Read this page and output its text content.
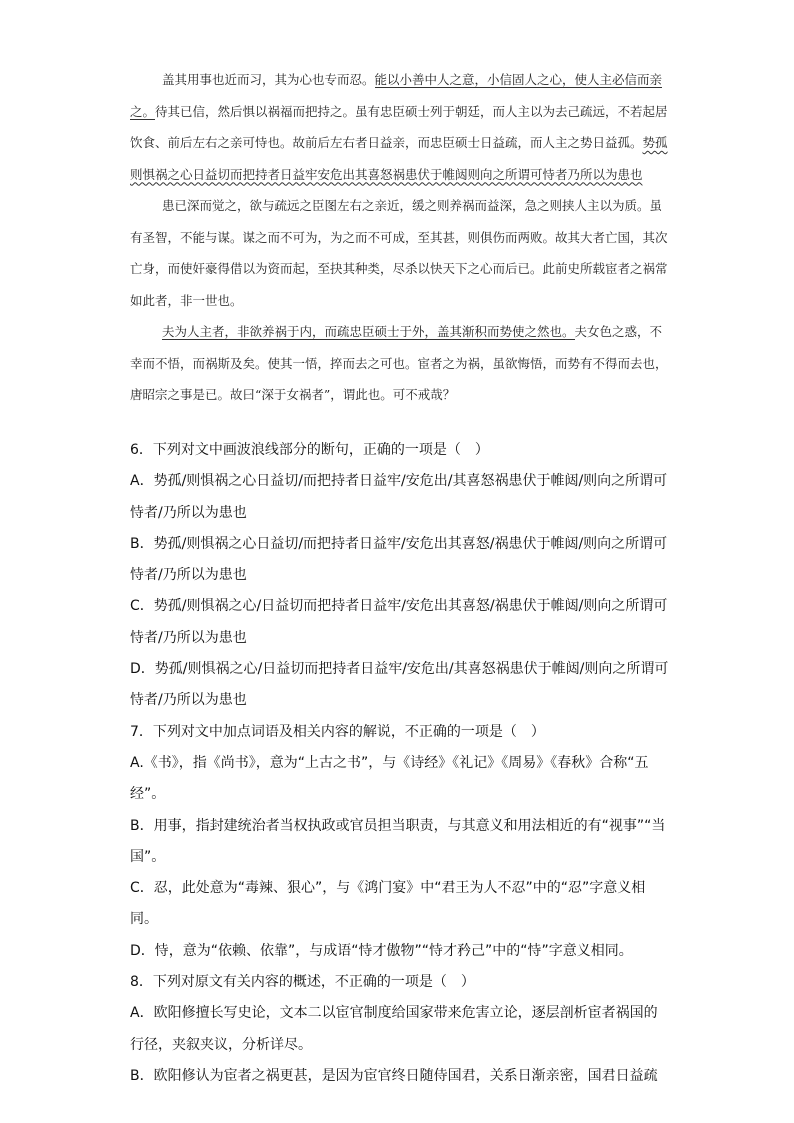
盖其用事也近而习，其为心也专而忍。能以小善中人之意，小信固人之心，使人主必信而亲之。待其已信，然后惧以祸福而把持之。虽有忠臣硕士列于朝廷，而人主以为去己疏远，不若起居饮食、前后左右之亲可恃也。故前后左右者日益亲，而忠臣硕士日益疏，而人主之势日益孤。势孤则惧祸之心日益切而把持者日益牢安危出其喜怒祸患伏于帷闼则向之所谓可恃者乃所以为患也

患已深而觉之，欲与疏远之臣图左右之亲近，缓之则养祸而益深，急之则挟人主以为质。虽有圣智，不能与谋。谋之而不可为，为之而不可成，至其甚，则俱伤而两败。故其大者亡国，其次亡身，而使奸豪得借以为资而起，至抉其种类，尽杀以快天下之心而后已。此前史所载宦者之祸常如此者，非一世也。

夫为人主者，非欲养祸于内，而疏忠臣硕士于外，盖其渐积而势使之然也。夫女色之惑，不幸而不悟，而祸斯及矣。使其一悟，捽而去之可也。宦者之为祸，虽欲悔悟，而势有不得而去也，唐昭宗之事是已。故曰“深于女祸者”，谓此也。可不戒哉？

6．下列对文中画波浪线部分的断句，正确的一项是（　）

A．势孤/则惧祸之心日益切/而把持者日益牢/安危出/其喜怒祸患伏于帷闼/则向之所谓可恃者/乃所以为患也

B．势孤/则惧祸之心日益切/而把持者日益牢/安危出其喜怒/祸患伏于帷闼/则向之所谓可恃者/乃所以为患也

C．势孤/则惧祸之心/日益切而把持者日益牢/安危出其喜怒/祸患伏于帷闼/则向之所谓可恃者/乃所以为患也

D．势孤/则惧祸之心/日益切而把持者日益牢/安危出/其喜怒祸患伏于帷闼/则向之所谓可恃者/乃所以为患也

7．下列对文中加点词语及相关内容的解说，不正确的一项是（　）

A.《书》，指《尚书》，意为“上古之书”，与《诗经》《礼记》《周易》《春秋》合称“五经”。

B．用事，指封建统治者当权执政或官员担当职责，与其意义和用法相近的有“视事”“当国”。

C．忍，此处意为“毒辣、狠心”，与《鸿门宴》中“君王为人不忍”中的“忍”字意义相同。

D．恃，意为“依赖、依靠”，与成语“恃才傲物”“恃才矜己”中的“恃”字意义相同。

8．下列对原文有关内容的概述，不正确的一项是（　）

A．欧阳修擅长写史论，文本二以宦官制度给国家带来危害立论，逐层剖析宦者祸国的行径，夹叙夹议，分析详尽。

B．欧阳修认为宦者之祸更甚，是因为宦官终日随侍国君，关系日渐亲密，国君日益疏
